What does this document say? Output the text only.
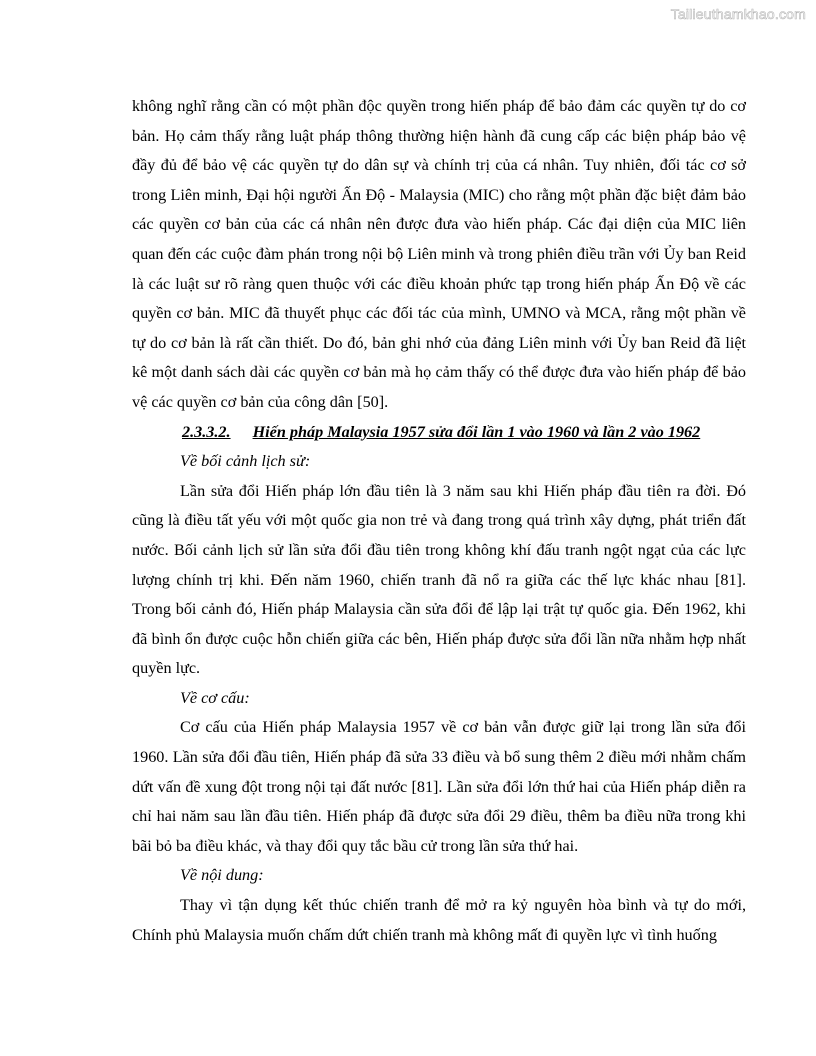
Tailieuthamkhao.com

không nghĩ rằng cần có một phần độc quyền trong hiến pháp để bảo đảm các quyền tự do cơ bản. Họ cảm thấy rằng luật pháp thông thường hiện hành đã cung cấp các biện pháp bảo vệ đầy đủ để bảo vệ các quyền tự do dân sự và chính trị của cá nhân. Tuy nhiên, đối tác cơ sở trong Liên minh, Đại hội người Ấn Độ - Malaysia (MIC) cho rằng một phần đặc biệt đảm bảo các quyền cơ bản của các cá nhân nên được đưa vào hiến pháp. Các đại diện của MIC liên quan đến các cuộc đàm phán trong nội bộ Liên minh và trong phiên điều trần với Ủy ban Reid là các luật sư rõ ràng quen thuộc với các điều khoản phức tạp trong hiến pháp Ấn Độ về các quyền cơ bản. MIC đã thuyết phục các đối tác của mình, UMNO và MCA, rằng một phần về tự do cơ bản là rất cần thiết. Do đó, bản ghi nhớ của đảng Liên minh với Ủy ban Reid đã liệt kê một danh sách dài các quyền cơ bản mà họ cảm thấy có thể được đưa vào hiến pháp để bảo vệ các quyền cơ bản của công dân [50].

2.3.3.2. Hiến pháp Malaysia 1957 sửa đổi lần 1 vào 1960 và lần 2 vào 1962

Về bối cảnh lịch sử:

Lần sửa đổi Hiến pháp lớn đầu tiên là 3 năm sau khi Hiến pháp đầu tiên ra đời. Đó cũng là điều tất yếu với một quốc gia non trẻ và đang trong quá trình xây dựng, phát triển đất nước. Bối cảnh lịch sử lần sửa đổi đầu tiên trong không khí đấu tranh ngột ngạt của các lực lượng chính trị khi. Đến năm 1960, chiến tranh đã nổ ra giữa các thế lực khác nhau [81]. Trong bối cảnh đó, Hiến pháp Malaysia cần sửa đổi để lập lại trật tự quốc gia. Đến 1962, khi đã bình ổn được cuộc hỗn chiến giữa các bên, Hiến pháp được sửa đổi lần nữa nhằm hợp nhất quyền lực.

Về cơ cấu:

Cơ cấu của Hiến pháp Malaysia 1957 về cơ bản vẫn được giữ lại trong lần sửa đổi 1960. Lần sửa đổi đầu tiên, Hiến pháp đã sửa 33 điều và bổ sung thêm 2 điều mới nhằm chấm dứt vấn đề xung đột trong nội tại đất nước [81]. Lần sửa đổi lớn thứ hai của Hiến pháp diễn ra chỉ hai năm sau lần đầu tiên. Hiến pháp đã được sửa đổi 29 điều, thêm ba điều nữa trong khi bãi bỏ ba điều khác, và thay đổi quy tắc bầu cử trong lần sửa thứ hai.

Về nội dung:

Thay vì tận dụng kết thúc chiến tranh để mở ra kỷ nguyên hòa bình và tự do mới, Chính phủ Malaysia muốn chấm dứt chiến tranh mà không mất đi quyền lực vì tình huống
